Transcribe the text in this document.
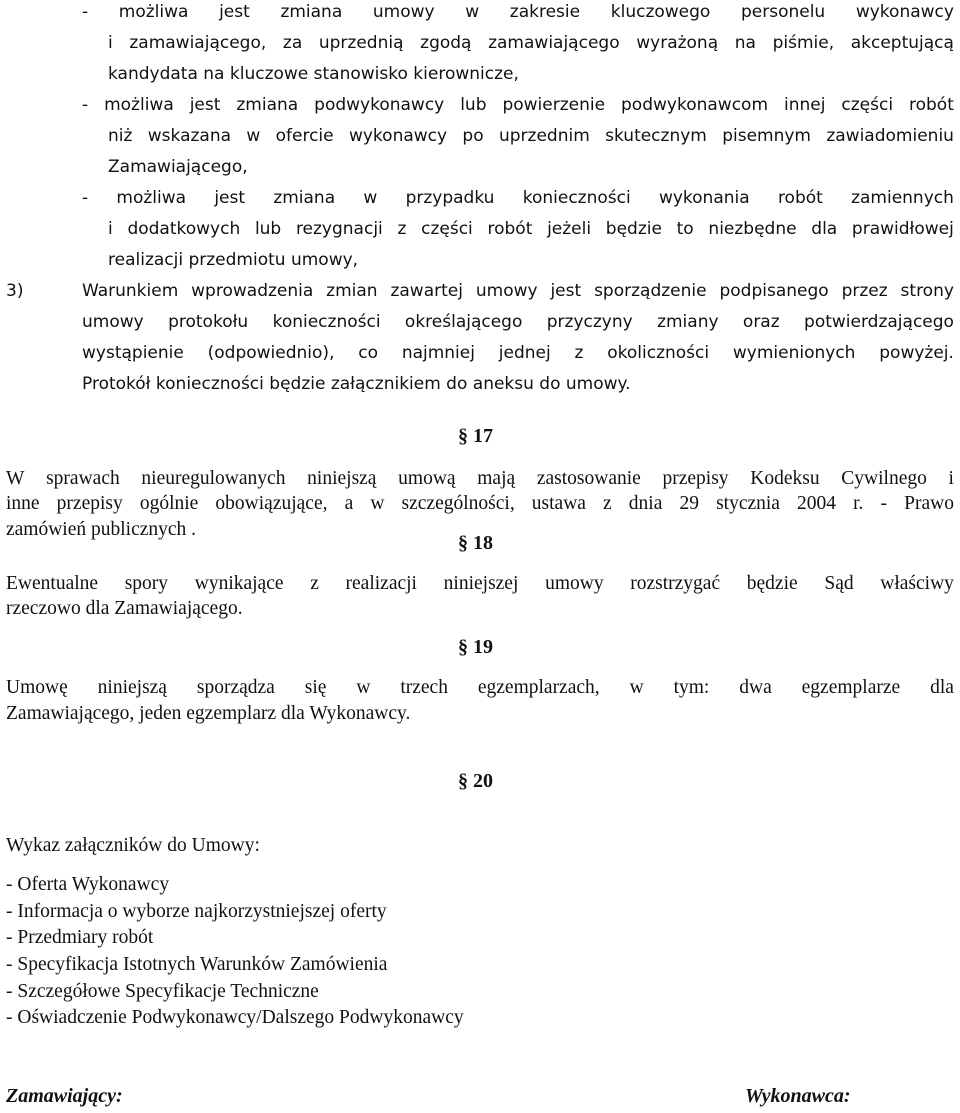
- możliwa jest zmiana umowy w zakresie kluczowego personelu wykonawcy
i zamawiającego, za uprzednią zgodą zamawiającego wyrażoną na piśmie, akceptującą
kandydata na kluczowe stanowisko kierownicze,
- możliwa jest zmiana podwykonawcy lub powierzenie podwykonawcom innej części robót
niż wskazana w ofercie wykonawcy po uprzednim skutecznym pisemnym zawiadomieniu
Zamawiającego,
- możliwa jest zmiana w przypadku konieczności wykonania robót zamiennych
i dodatkowych lub rezygnacji z części robót jeżeli będzie to niezbędne dla prawidłowej
realizacji przedmiotu umowy,
3)	Warunkiem wprowadzenia zmian zawartej umowy jest sporządzenie podpisanego przez strony
umowy protokołu konieczności określającego przyczyny zmiany oraz potwierdzającego
wystąpienie (odpowiednio), co najmniej jednej z okoliczności wymienionych powyżej.
Protokół konieczności będzie załącznikiem do aneksu do umowy.
§ 17
W sprawach nieuregulowanych niniejszą umową mają zastosowanie przepisy Kodeksu Cywilnego i
inne przepisy ogólnie obowiązujące, a w szczególności, ustawa z dnia 29 stycznia 2004 r. - Prawo
zamówień publicznych .
§ 18
Ewentualne spory wynikające z realizacji niniejszej umowy rozstrzygać będzie Sąd właściwy
rzeczowo dla Zamawiającego.
§ 19
Umowę niniejszą sporządza się w trzech egzemplarzach, w tym: dwa egzemplarze dla
Zamawiającego, jeden egzemplarz dla Wykonawcy.
§ 20
Wykaz załączników do Umowy:
- Oferta Wykonawcy
- Informacja o wyborze najkorzystniejszej oferty
- Przedmiary robót
- Specyfikacja Istotnych Warunków Zamówienia
- Szczegółowe Specyfikacje Techniczne
- Oświadczenie Podwykonawcy/Dalszego Podwykonawcy
Zamawiający:	Wykonawca:
